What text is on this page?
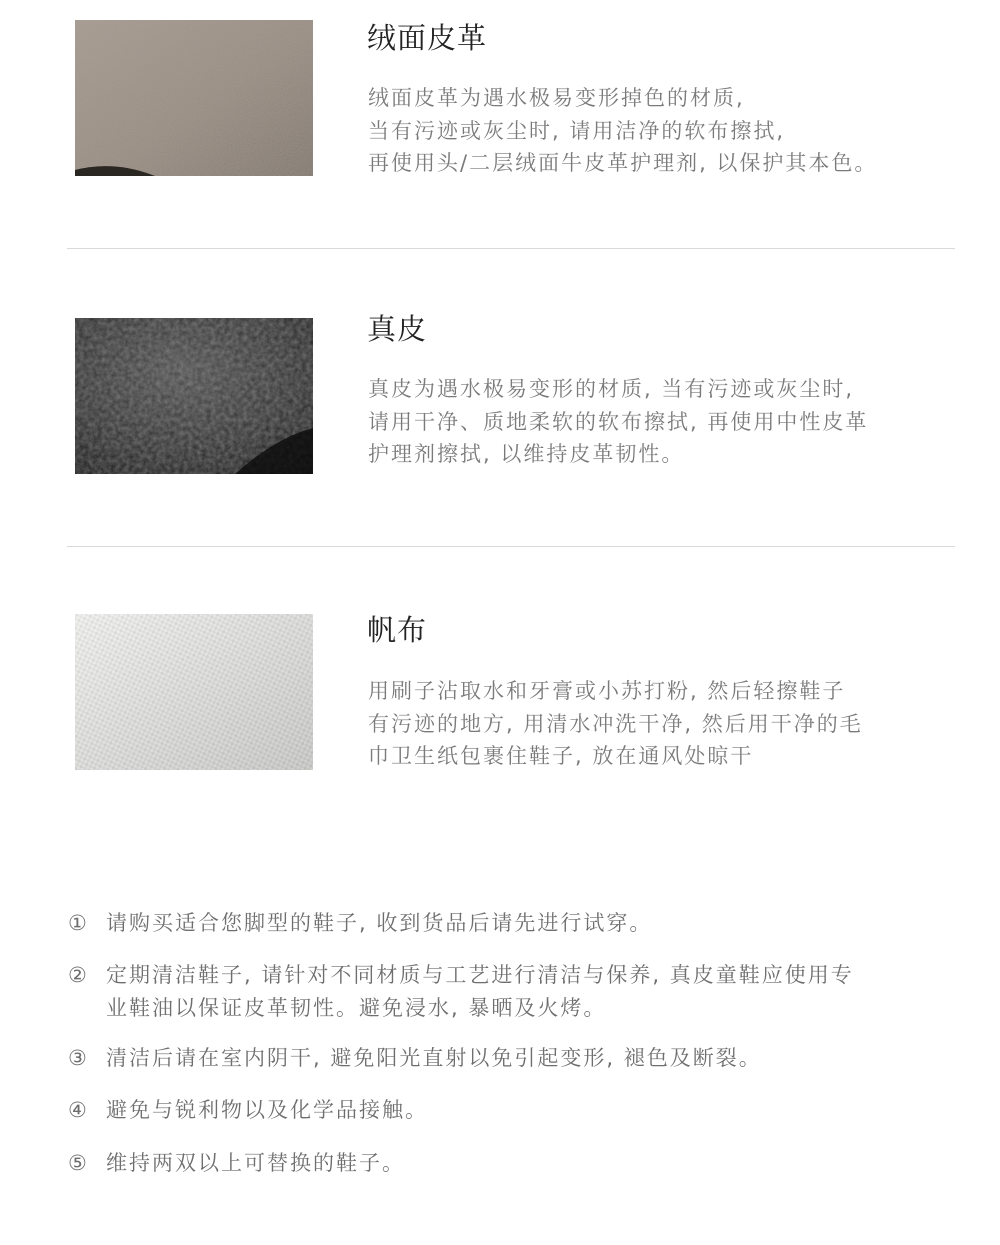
绒面皮革
绒面皮革为遇水极易变形掉色的材质,
当有污迹或灰尘时, 请用洁净的软布擦拭,
再使用头/二层绒面牛皮革护理剂, 以保护其本色。
真皮
真皮为遇水极易变形的材质, 当有污迹或灰尘时,
请用干净、质地柔软的软布擦拭, 再使用中性皮革
护理剂擦拭, 以维持皮革韧性。
帆布
用刷子沾取水和牙膏或小苏打粉, 然后轻擦鞋子
有污迹的地方, 用清水冲洗干净, 然后用干净的毛
巾卫生纸包裹住鞋子, 放在通风处晾干
① 请购买适合您脚型的鞋子, 收到货品后请先进行试穿。
② 定期清洁鞋子, 请针对不同材质与工艺进行清洁与保养, 真皮童鞋应使用专
业鞋油以保证皮革韧性。避免浸水, 暴晒及火烤。
③ 清洁后请在室内阴干, 避免阳光直射以免引起变形, 褪色及断裂。
④ 避免与锐利物以及化学品接触。
⑤ 维持两双以上可替换的鞋子。
